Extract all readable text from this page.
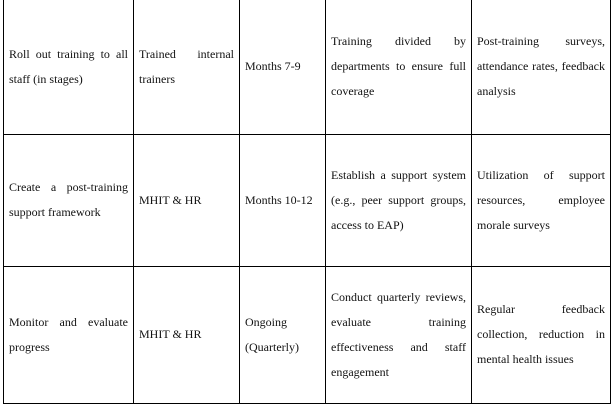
Roll out training to all staff (in stages)	Trained internal trainers	Months 7-9	Training divided by departments to ensure full coverage	Post-training surveys, attendance rates, feedback analysis
Create a post-training support framework	MHIT & HR	Months 10-12	Establish a support system (e.g., peer support groups, access to EAP)	Utilization of support resources, employee morale surveys
Monitor and evaluate progress	MHIT & HR	Ongoing (Quarterly)	Conduct quarterly reviews, evaluate training effectiveness and staff engagement	Regular feedback collection, reduction in mental health issues
